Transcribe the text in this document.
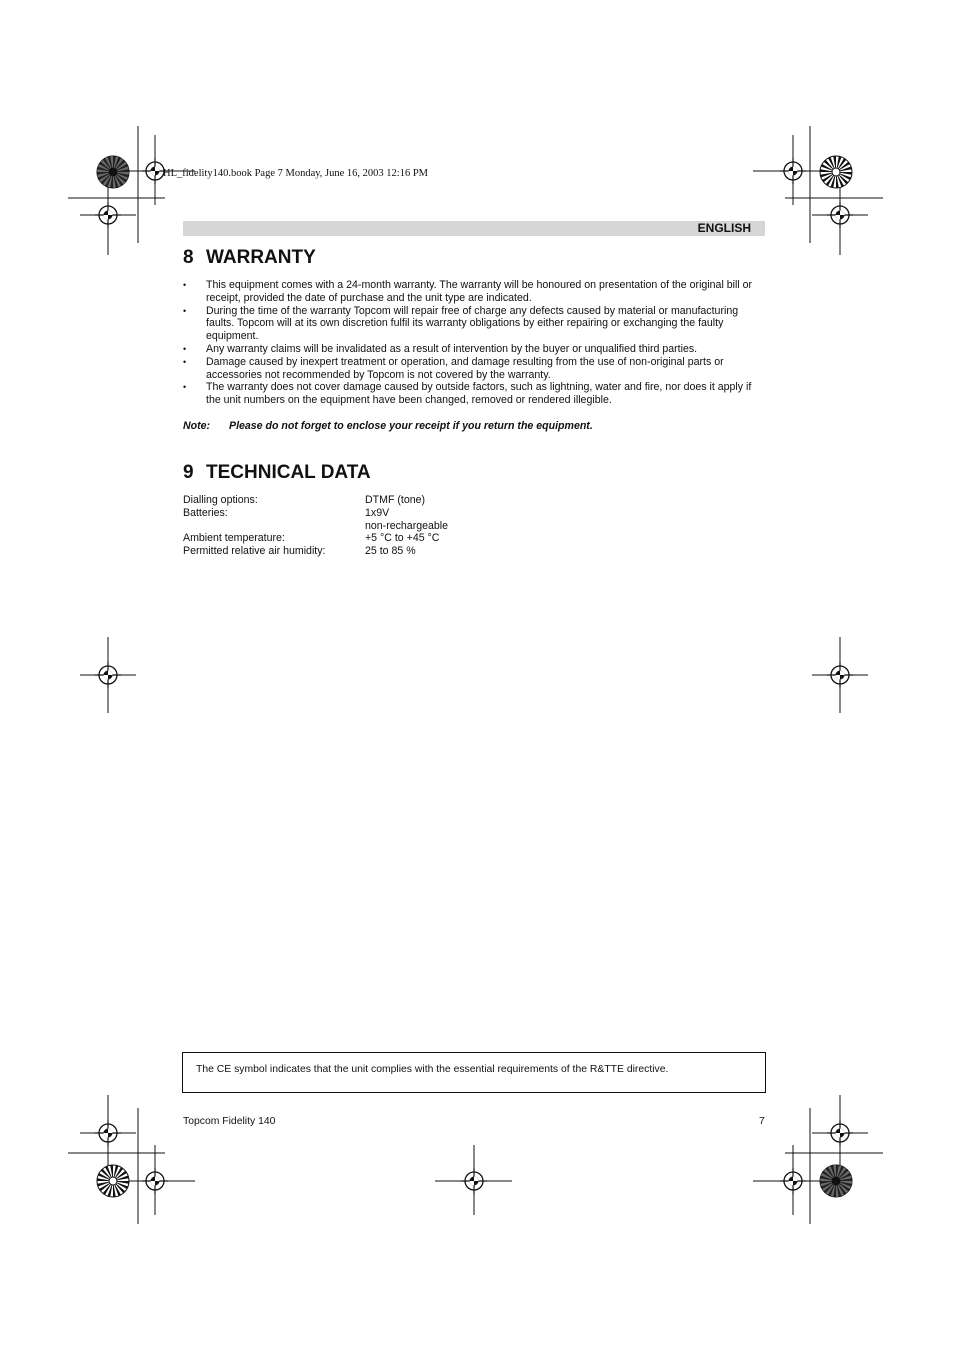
HL_fidelity140.book Page 7 Monday, June 16, 2003 12:16 PM
ENGLISH
8 WARRANTY
• This equipment comes with a 24-month warranty. The warranty will be honoured on presentation of the original bill or receipt, provided the date of purchase and the unit type are indicated.
• During the time of the warranty Topcom will repair free of charge any defects caused by material or manufacturing faults. Topcom will at its own discretion fulfil its warranty obligations by either repairing or exchanging the faulty equipment.
• Any warranty claims will be invalidated as a result of intervention by the buyer or unqualified third parties.
• Damage caused by inexpert treatment or operation, and damage resulting from the use of non-original parts or accessories not recommended by Topcom is not covered by the warranty.
• The warranty does not cover damage caused by outside factors, such as lightning, water and fire, nor does it apply if the unit numbers on the equipment have been changed, removed or rendered illegible.
Note: Please do not forget to enclose your receipt if you return the equipment.
9 TECHNICAL DATA
Dialling options:	DTMF (tone)
Batteries:	1x9V
	non-rechargeable
Ambient temperature:	+5 °C to +45 °C
Permitted relative air humidity:	25 to 85 %
The CE symbol indicates that the unit complies with the essential requirements of the R&TTE directive.
Topcom Fidelity 140	7
